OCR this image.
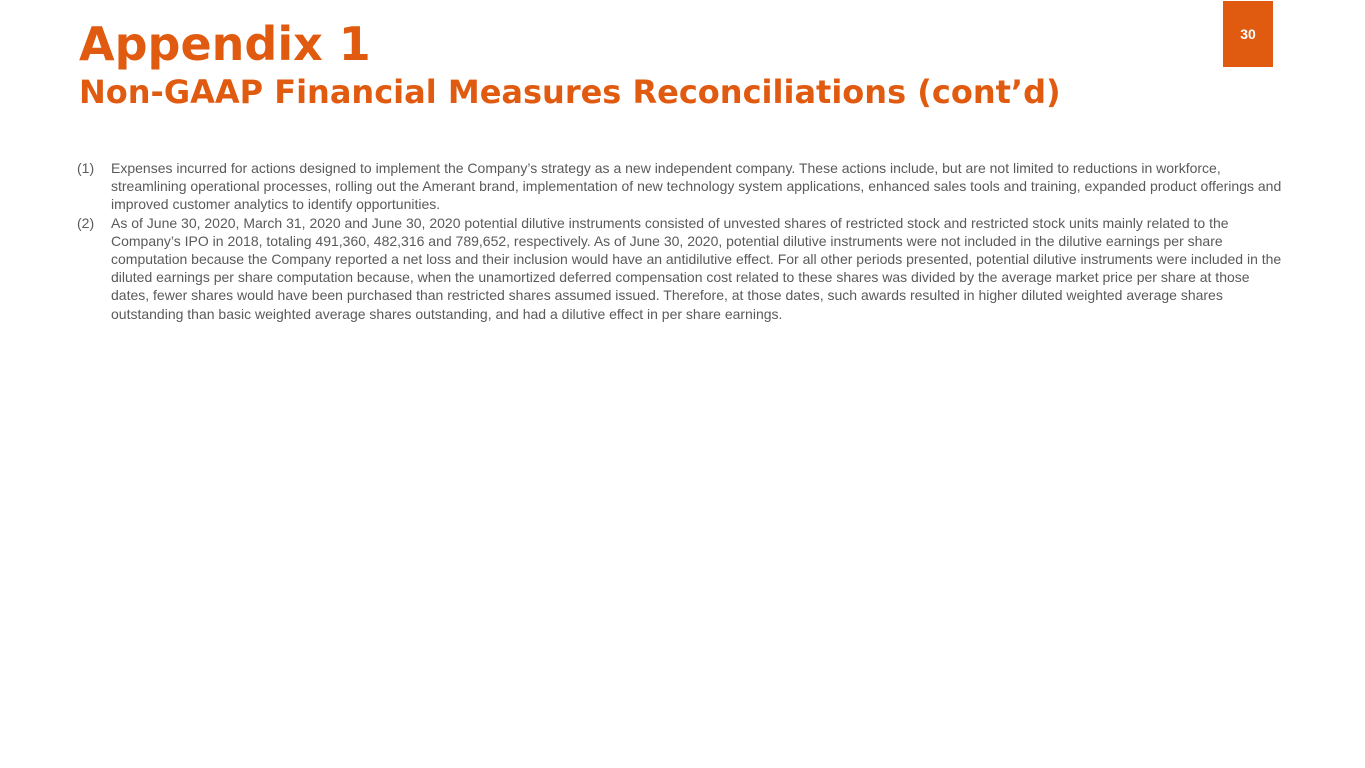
Appendix 1
Non-GAAP Financial Measures Reconciliations (cont’d)
30
(1)	Expenses incurred for actions designed to implement the Company’s strategy as a new independent company. These actions include, but are not limited to reductions in workforce, streamlining operational processes, rolling out the Amerant brand, implementation of new technology system applications, enhanced sales tools and training, expanded product offerings and improved customer analytics to identify opportunities.
(2)	As of June 30, 2020, March 31, 2020 and June 30, 2020 potential dilutive instruments consisted of unvested shares of restricted stock and restricted stock units mainly related to the Company’s IPO in 2018, totaling 491,360, 482,316 and 789,652, respectively. As of June 30, 2020, potential dilutive instruments were not included in the dilutive earnings per share computation because the Company reported a net loss and their inclusion would have an antidilutive effect. For all other periods presented, potential dilutive instruments were included in the diluted earnings per share computation because, when the unamortized deferred compensation cost related to these shares was divided by the average market price per share at those dates, fewer shares would have been purchased than restricted shares assumed issued. Therefore, at those dates, such awards resulted in higher diluted weighted average shares outstanding than basic weighted average shares outstanding, and had a dilutive effect in per share earnings.
